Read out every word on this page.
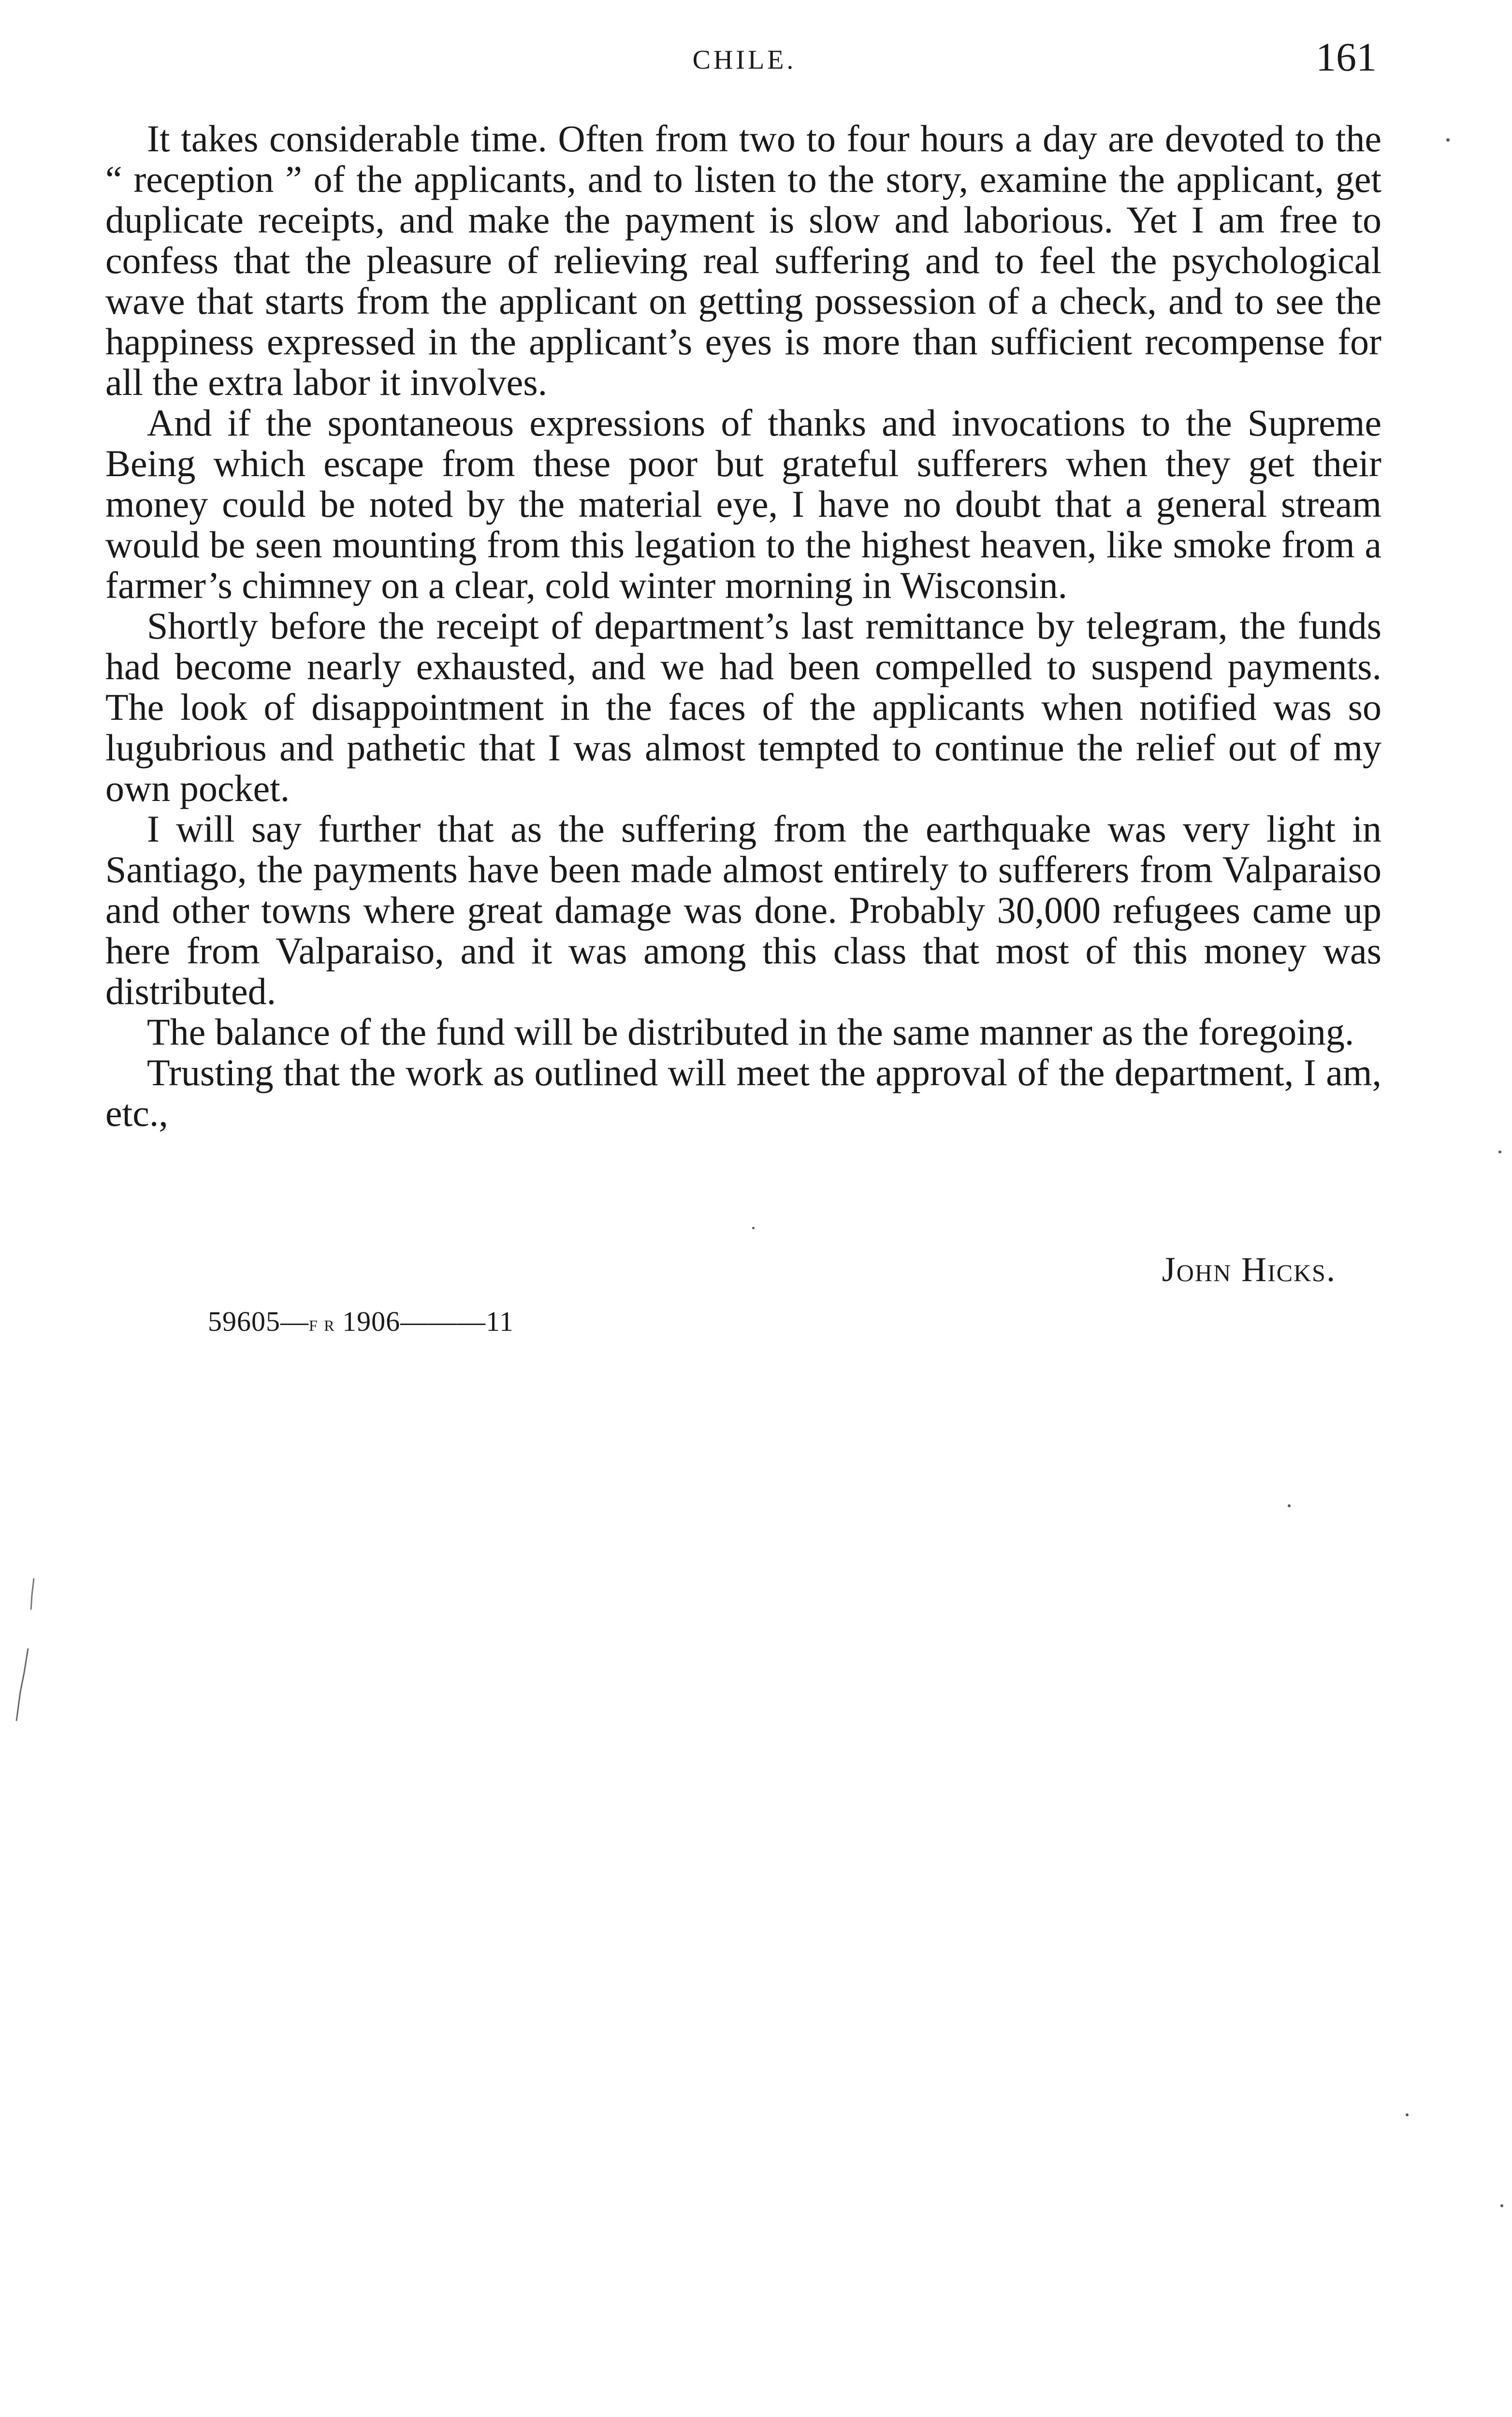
CHILE.	161

It takes considerable time. Often from two to four hours a day are devoted to the “ reception ” of the applicants, and to listen to the story, examine the applicant, get duplicate receipts, and make the payment is slow and laborious. Yet I am free to confess that the pleasure of relieving real suffering and to feel the psychological wave that starts from the applicant on getting possession of a check, and to see the happiness expressed in the applicant’s eyes is more than sufficient recompense for all the extra labor it involves.

And if the spontaneous expressions of thanks and invocations to the Supreme Being which escape from these poor but grateful sufferers when they get their money could be noted by the material eye, I have no doubt that a general stream would be seen mounting from this legation to the highest heaven, like smoke from a farmer’s chimney on a clear, cold winter morning in Wisconsin.

Shortly before the receipt of department’s last remittance by telegram, the funds had become nearly exhausted, and we had been compelled to suspend payments. The look of disappointment in the faces of the applicants when notified was so lugubrious and pathetic that I was almost tempted to continue the relief out of my own pocket.

I will say further that as the suffering from the earthquake was very light in Santiago, the payments have been made almost entirely to sufferers from Valparaiso and other towns where great damage was done. Probably 30,000 refugees came up here from Valparaiso, and it was among this class that most of this money was distributed.

The balance of the fund will be distributed in the same manner as the foregoing.

Trusting that the work as outlined will meet the approval of the department, I am, etc.,

John Hicks.
59605—f r 1906———11
